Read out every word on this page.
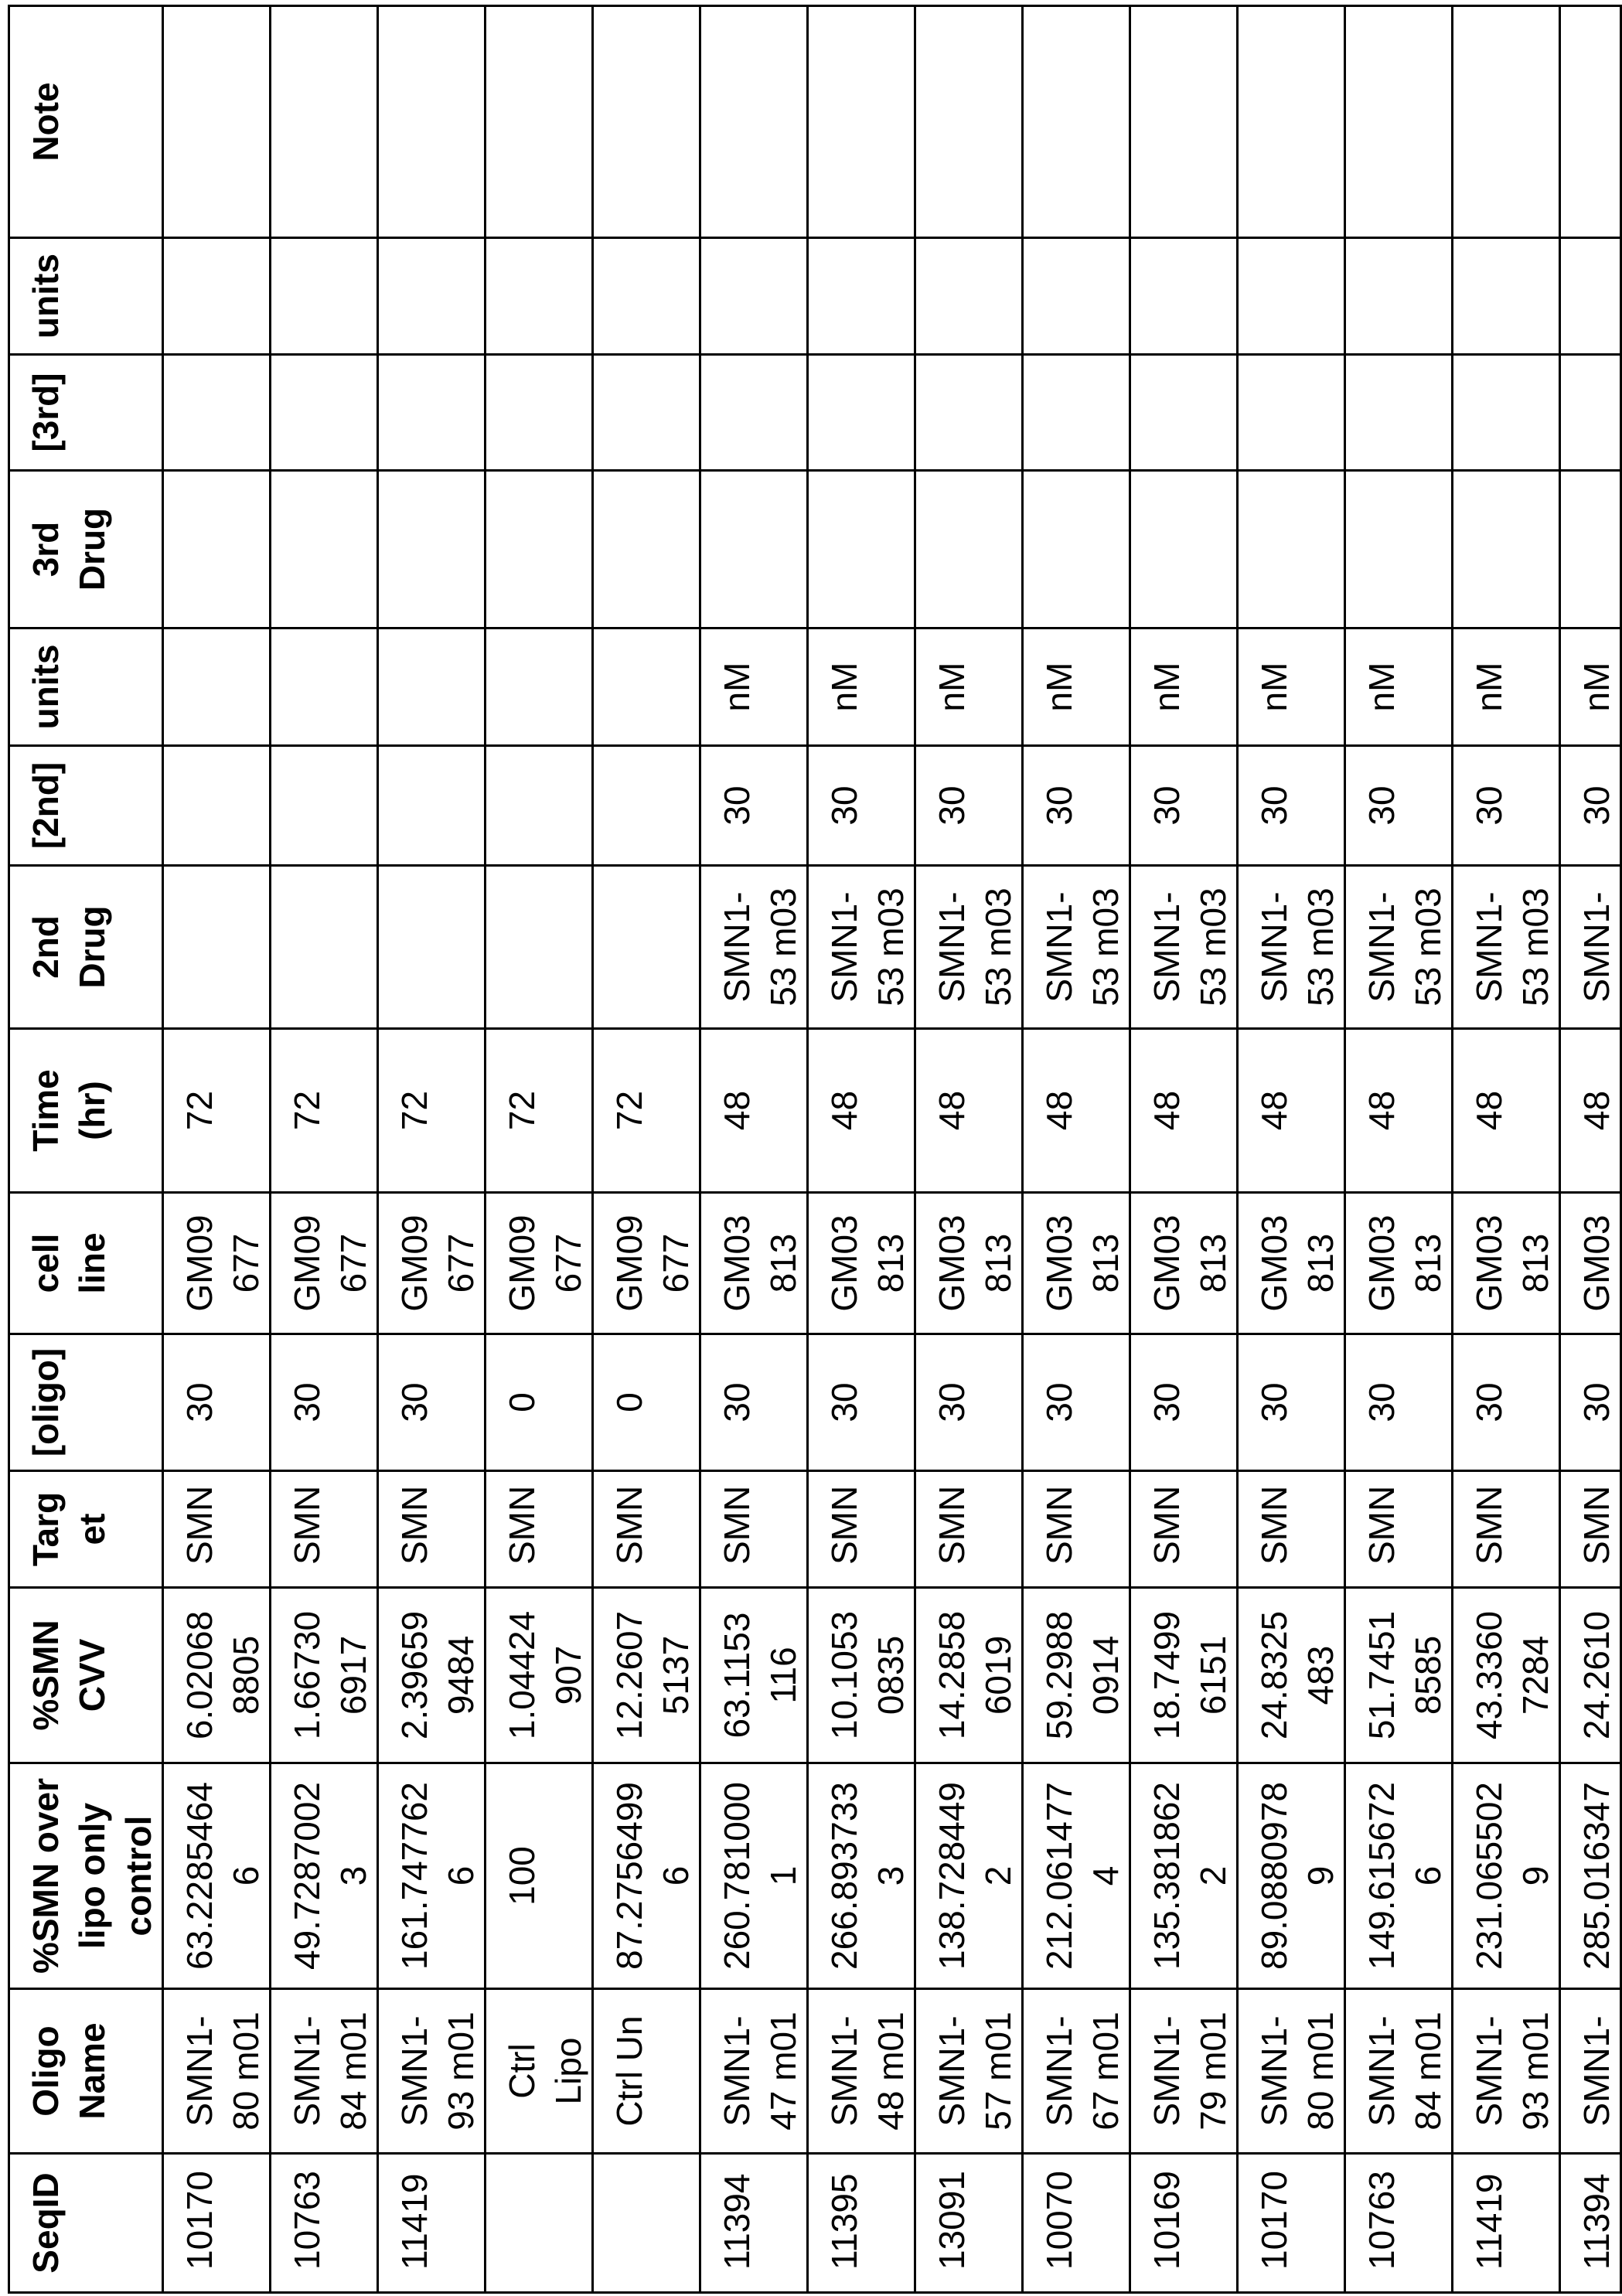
SeqID	Oligo
Name	%SMN over
lipo only
control	%SMN
CVV	Targ
et	[oligo]	cell
line	Time
(hr)	2nd
Drug	[2nd]	units	3rd
Drug	[3rd]	units	Note
10170	SMN1-
80 m01	63.2285464
6	6.02068
8805	SMN	30	GM09
677	72							
10763	SMN1-
84 m01	49.7287002
3	1.66730
6917	SMN	30	GM09
677	72							
11419	SMN1-
93 m01	161.747762
6	2.39659
9484	SMN	30	GM09
677	72							
	Ctrl
Lipo	100	1.04424
907	SMN	0	GM09
677	72							
	Ctrl Un	87.2756499
6	12.2607
5137	SMN	0	GM09
677	72							
11394	SMN1-
47 m01	260.781000
1	63.1153
116	SMN	30	GM03
813	48	SMN1-
53 m03	30	nM				
11395	SMN1-
48 m01	266.893733
3	10.1053
0835	SMN	30	GM03
813	48	SMN1-
53 m03	30	nM				
13091	SMN1-
57 m01	138.728449
2	14.2858
6019	SMN	30	GM03
813	48	SMN1-
53 m03	30	nM				
10070	SMN1-
67 m01	212.061477
4	59.2988
0914	SMN	30	GM03
813	48	SMN1-
53 m03	30	nM				
10169	SMN1-
79 m01	135.381862
2	18.7499
6151	SMN	30	GM03
813	48	SMN1-
53 m03	30	nM				
10170	SMN1-
80 m01	89.0880978
9	24.8325
483	SMN	30	GM03
813	48	SMN1-
53 m03	30	nM				
10763	SMN1-
84 m01	149.615672
6	51.7451
8585	SMN	30	GM03
813	48	SMN1-
53 m03	30	nM				
11419	SMN1-
93 m01	231.065502
9	43.3360
7284	SMN	30	GM03
813	48	SMN1-
53 m03	30	nM				
11394	SMN1-	285.016347	24.2610	SMN	30	GM03	48	SMN1-	30	nM				
